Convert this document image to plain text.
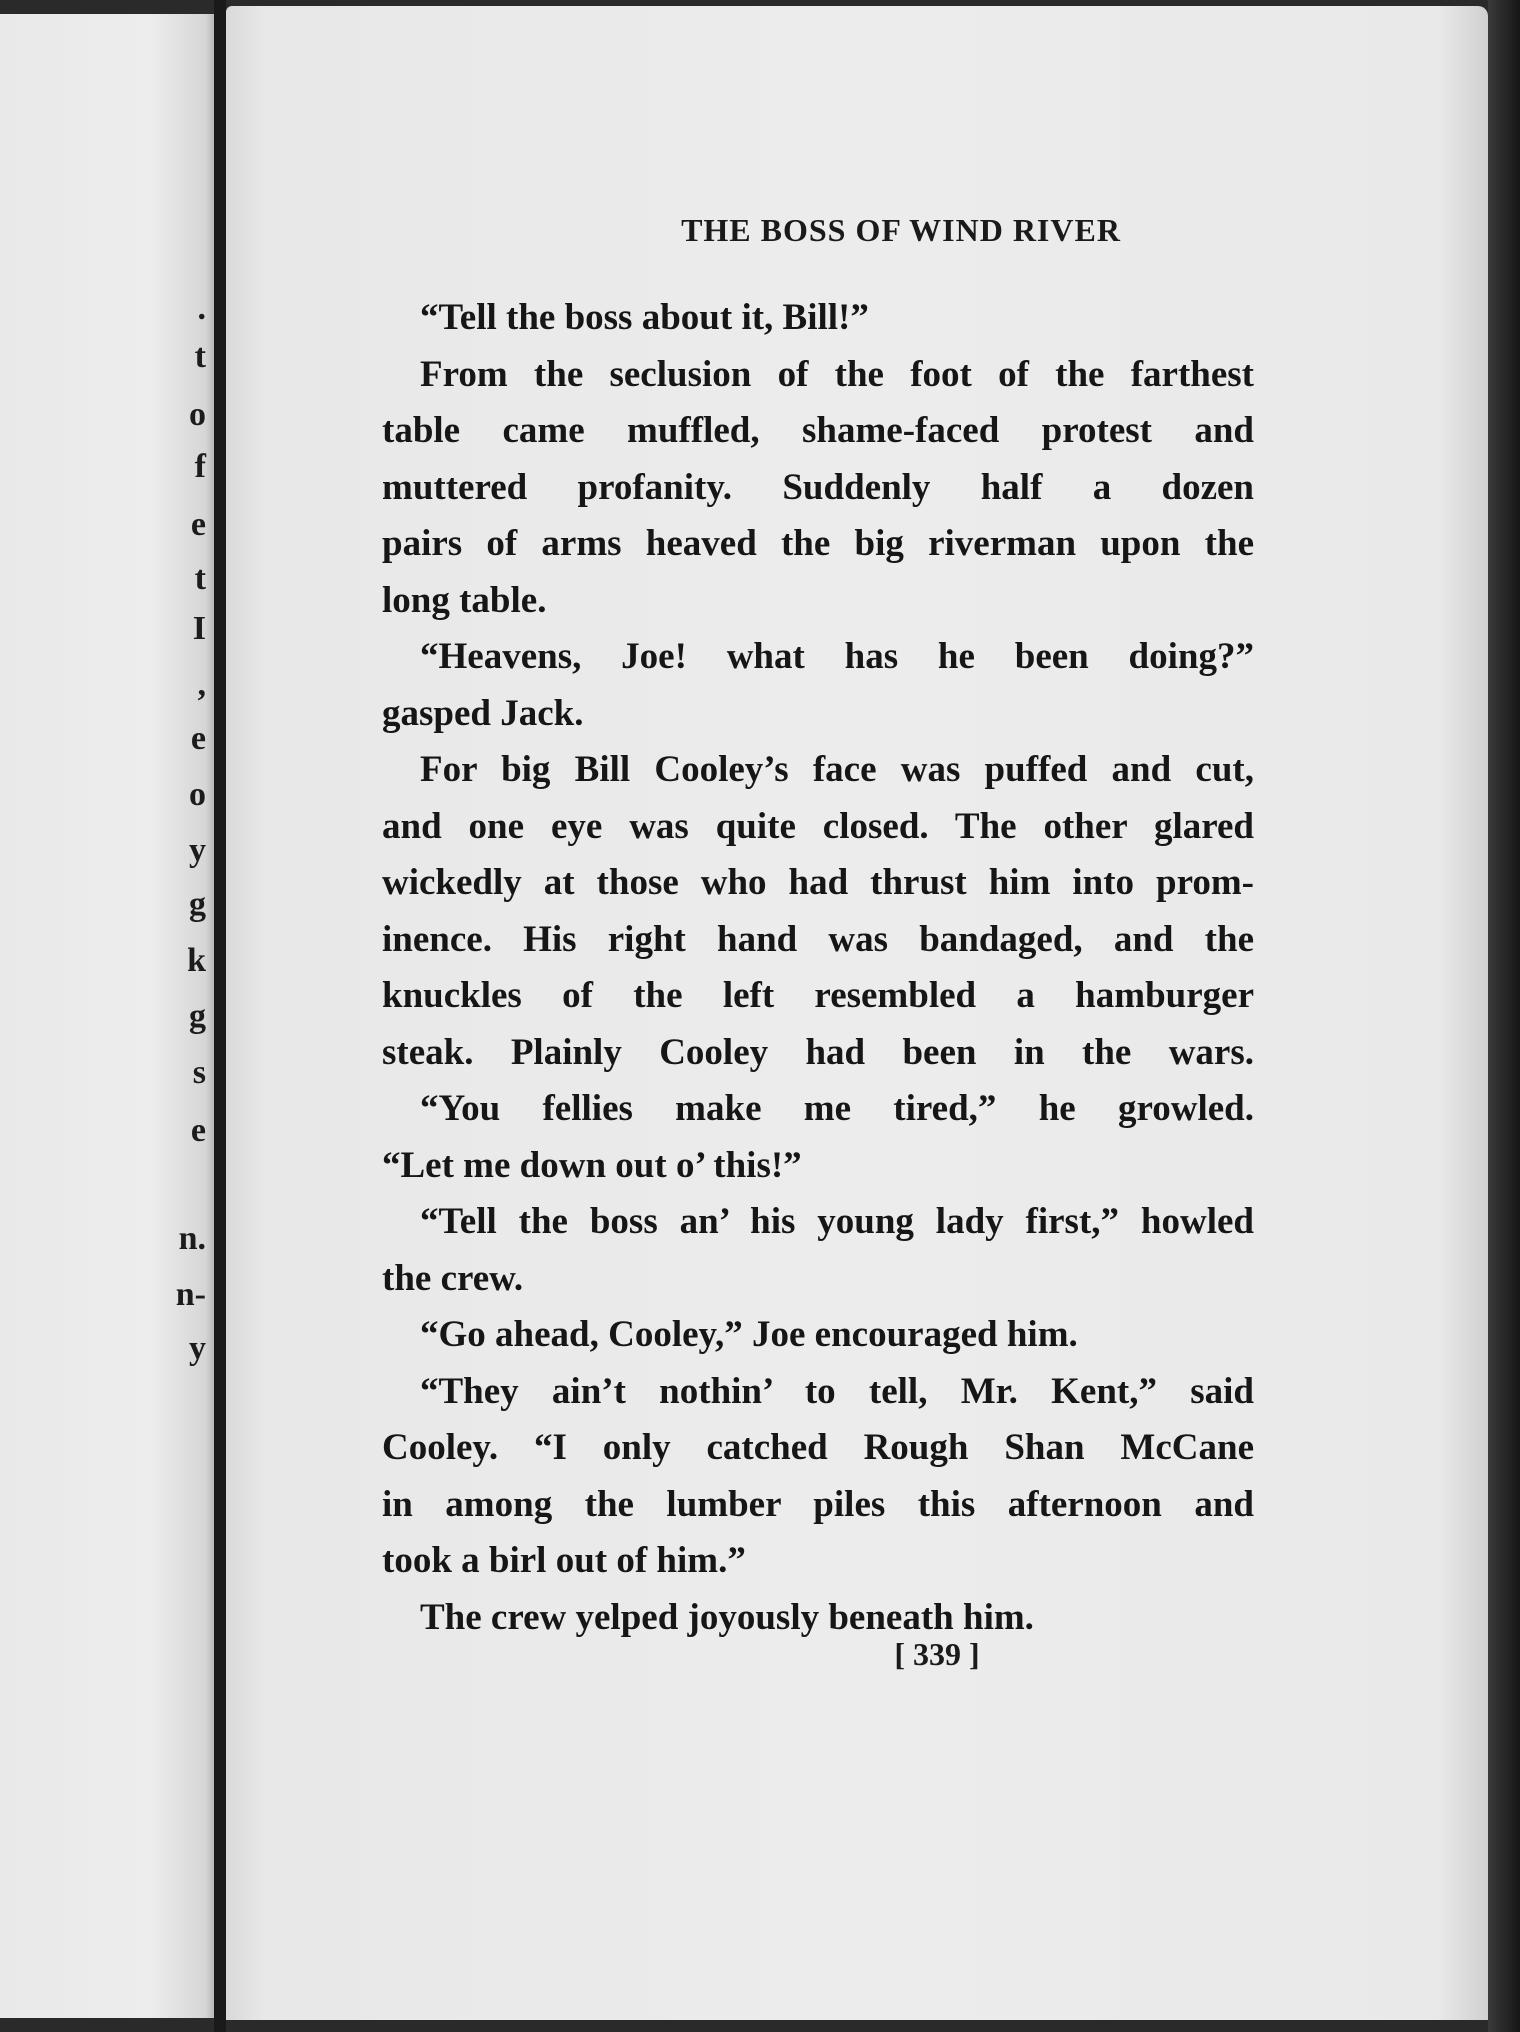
.
t
o
f
e
t
I
,
e
o
y
g
k
g
s
e
n.
n-
y
THE BOSS OF WIND RIVER
“Tell the boss about it, Bill!”
From the seclusion of the foot of the farthest
table came muffled, shame-faced protest and
muttered profanity. Suddenly half a dozen
pairs of arms heaved the big riverman upon the
long table.
“Heavens, Joe! what has he been doing?”
gasped Jack.
For big Bill Cooley’s face was puffed and cut,
and one eye was quite closed. The other glared
wickedly at those who had thrust him into prom-
inence. His right hand was bandaged, and the
knuckles of the left resembled a hamburger
steak. Plainly Cooley had been in the wars.
“You fellies make me tired,” he growled.
“Let me down out o’ this!”
“Tell the boss an’ his young lady first,” howled
the crew.
“Go ahead, Cooley,” Joe encouraged him.
“They ain’t nothin’ to tell, Mr. Kent,” said
Cooley. “I only catched Rough Shan McCane
in among the lumber piles this afternoon and
took a birl out of him.”
The crew yelped joyously beneath him.
[ 339 ]
